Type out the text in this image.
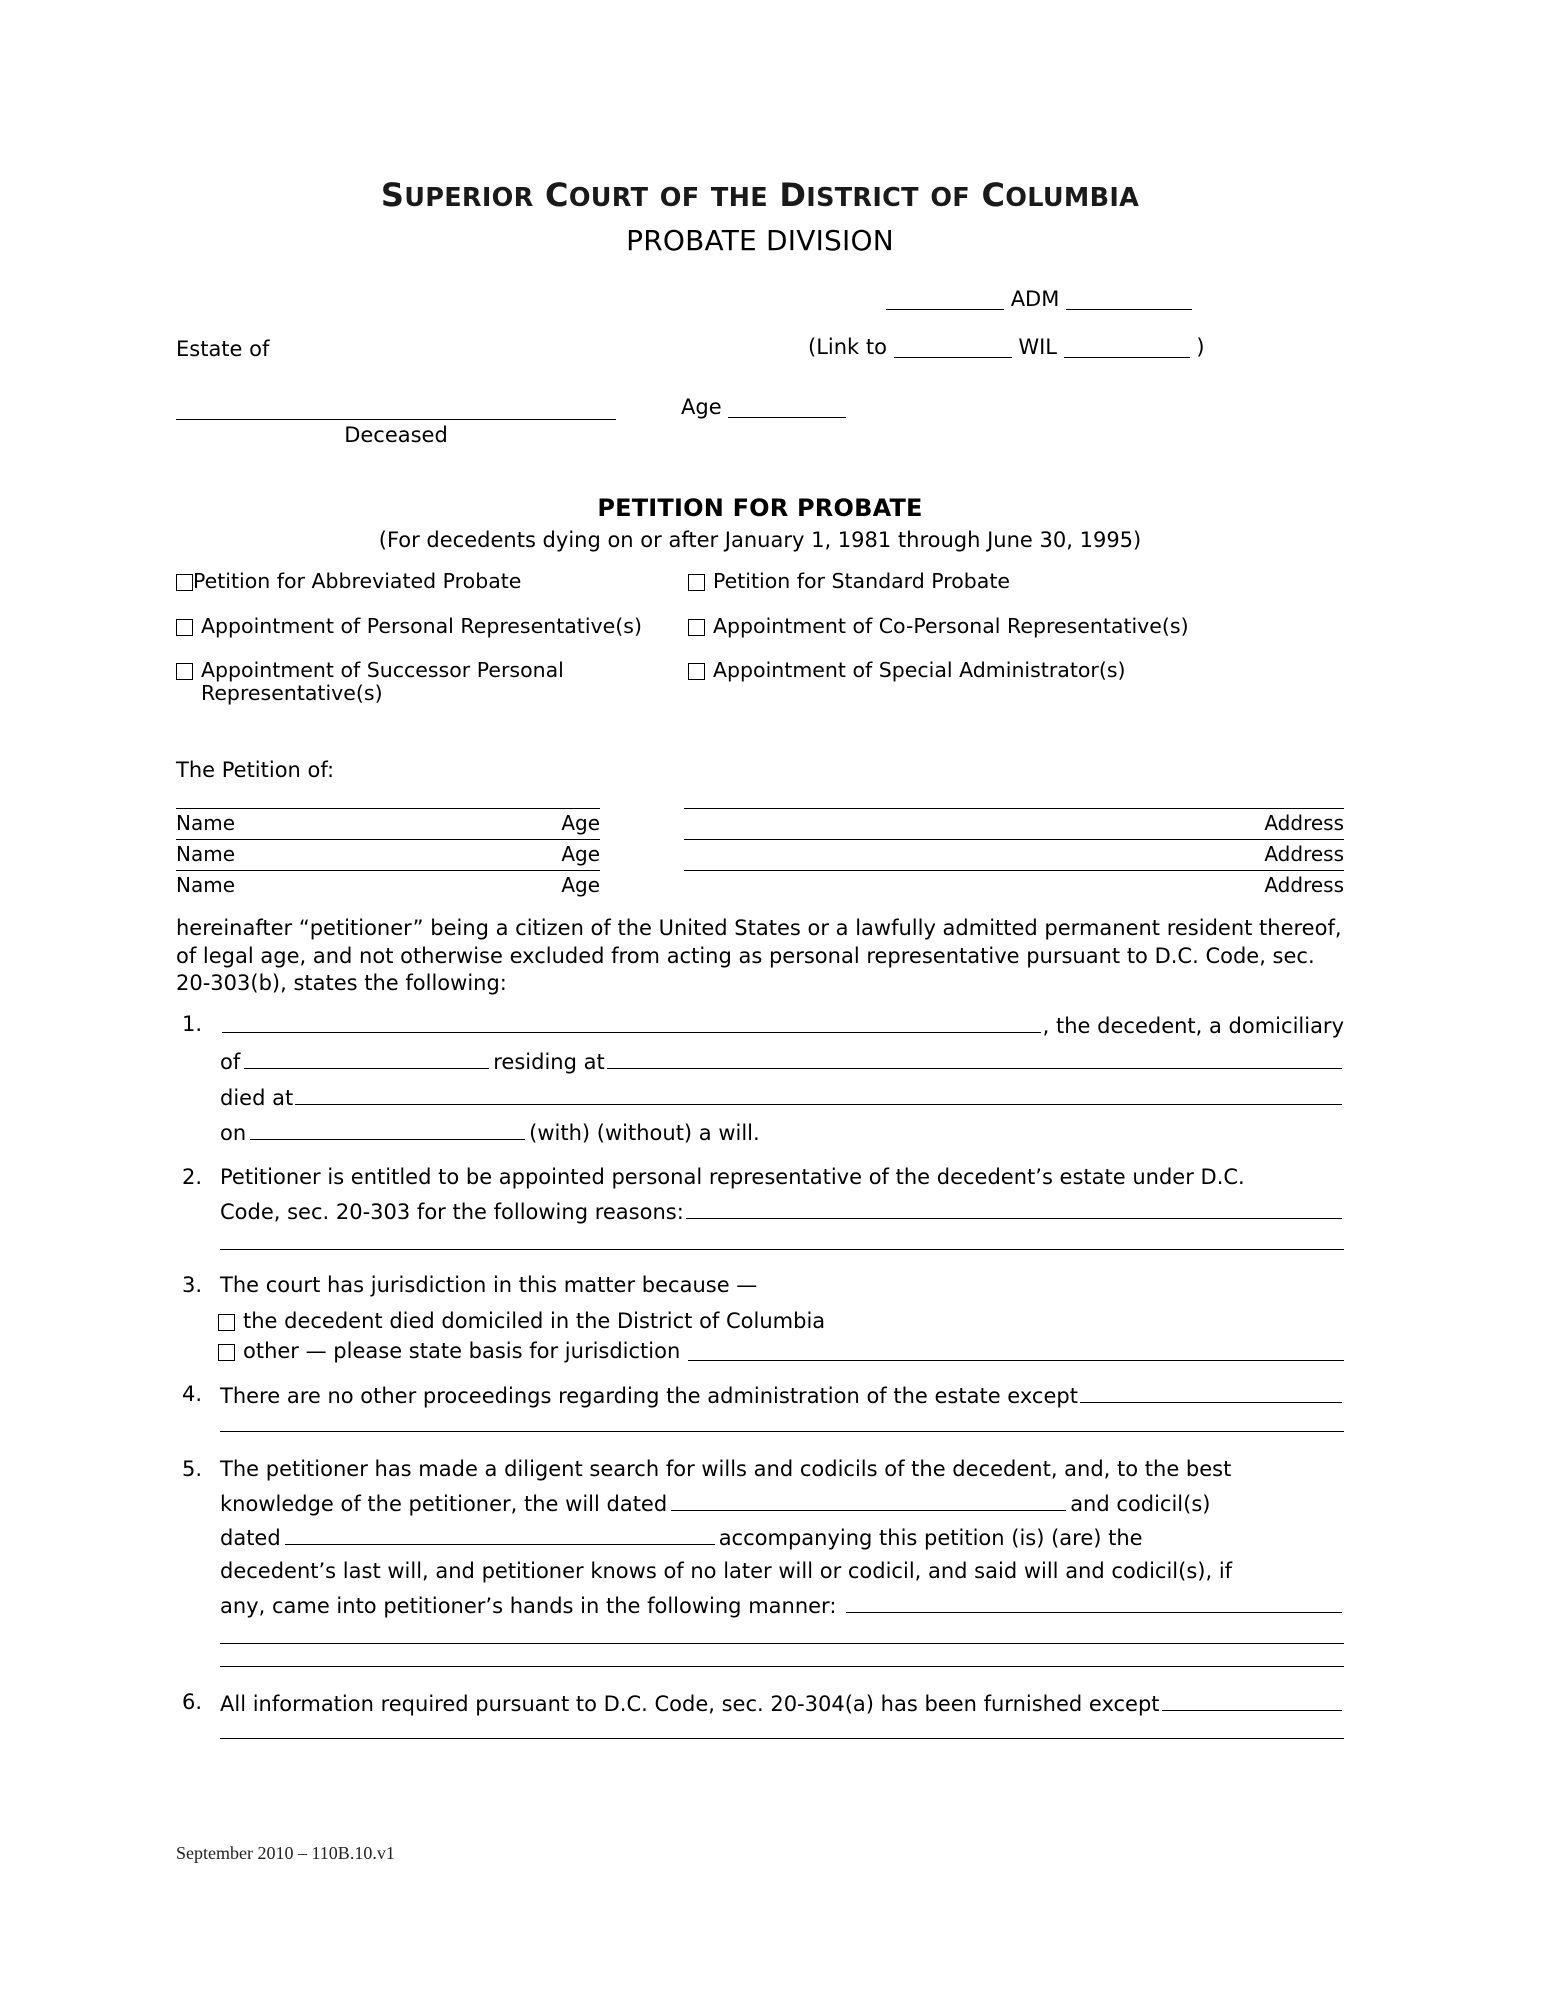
SUPERIOR COURT OF THE DISTRICT OF COLUMBIA
PROBATE DIVISION
ADM
(Link to	WIL	)
Estate of
Deceased
Age
PETITION FOR PROBATE
(For decedents dying on or after January 1, 1981 through June 30, 1995)
Petition for Abbreviated Probate	Petition for Standard Probate
Appointment of Personal Representative(s)	Appointment of Co-Personal Representative(s)
Appointment of Successor Personal Representative(s)
Appointment of Special Administrator(s)
The Petition of:
Name	Age	Address
Name	Age	Address
Name	Age	Address
hereinafter “petitioner” being a citizen of the United States or a lawfully admitted permanent resident thereof, of legal age, and not otherwise excluded from acting as personal representative pursuant to D.C. Code, sec. 20-303(b), states the following:
1.	, the decedent, a domiciliary
of	residing at
died at
on	(with) (without) a will.
2. Petitioner is entitled to be appointed personal representative of the decedent’s estate under D.C.
Code, sec. 20-303 for the following reasons:
3. The court has jurisdiction in this matter because —
the decedent died domiciled in the District of Columbia
other — please state basis for jurisdiction
4. There are no other proceedings regarding the administration of the estate except
5. The petitioner has made a diligent search for wills and codicils of the decedent, and, to the best
knowledge of the petitioner, the will dated	and codicil(s)
dated	accompanying this petition (is) (are) the
decedent’s last will, and petitioner knows of no later will or codicil, and said will and codicil(s), if
any, came into petitioner’s hands in the following manner:
6. All information required pursuant to D.C. Code, sec. 20-304(a) has been furnished except
September 2010 – 110B.10.v1
